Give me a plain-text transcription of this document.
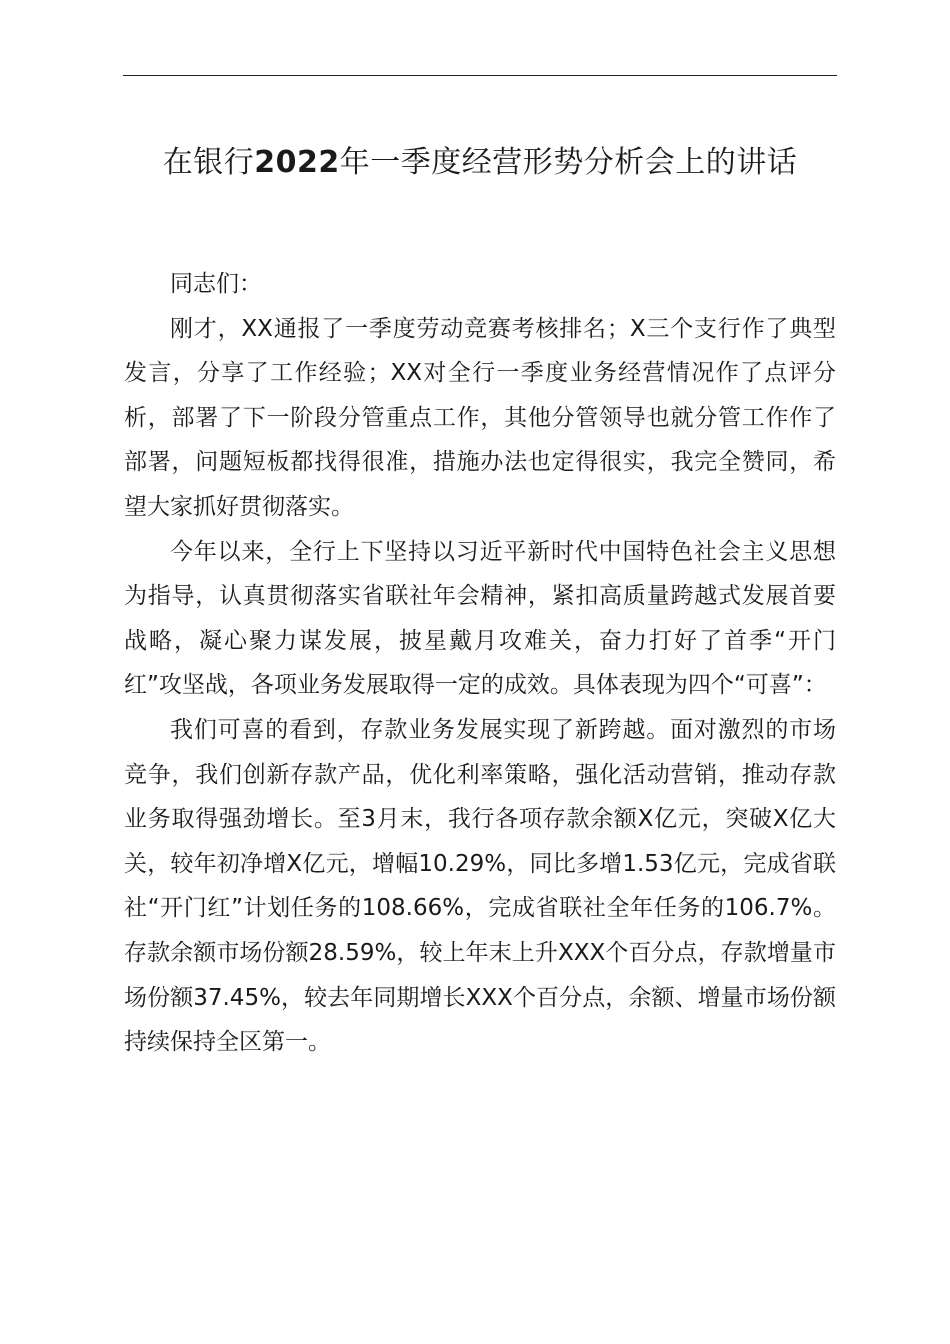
在银行2022年一季度经营形势分析会上的讲话

同志们：

刚才，XX通报了一季度劳动竞赛考核排名；X三个支行作了典型发言，分享了工作经验；XX对全行一季度业务经营情况作了点评分析，部署了下一阶段分管重点工作，其他分管领导也就分管工作作了部署，问题短板都找得很准，措施办法也定得很实，我完全赞同，希望大家抓好贯彻落实。

今年以来，全行上下坚持以习近平新时代中国特色社会主义思想为指导，认真贯彻落实省联社年会精神，紧扣高质量跨越式发展首要战略，凝心聚力谋发展，披星戴月攻难关，奋力打好了首季“开门红”攻坚战，各项业务发展取得一定的成效。具体表现为四个“可喜”：

我们可喜的看到，存款业务发展实现了新跨越。面对激烈的市场竞争，我们创新存款产品，优化利率策略，强化活动营销，推动存款业务取得强劲增长。至3月末，我行各项存款余额X亿元，突破X亿大关，较年初净增X亿元，增幅10.29%，同比多增1.53亿元，完成省联社“开门红”计划任务的108.66%，完成省联社全年任务的106.7%。存款余额市场份额28.59%，较上年末上升XXX个百分点，存款增量市场份额37.45%，较去年同期增长XXX个百分点，余额、增量市场份额持续保持全区第一。
